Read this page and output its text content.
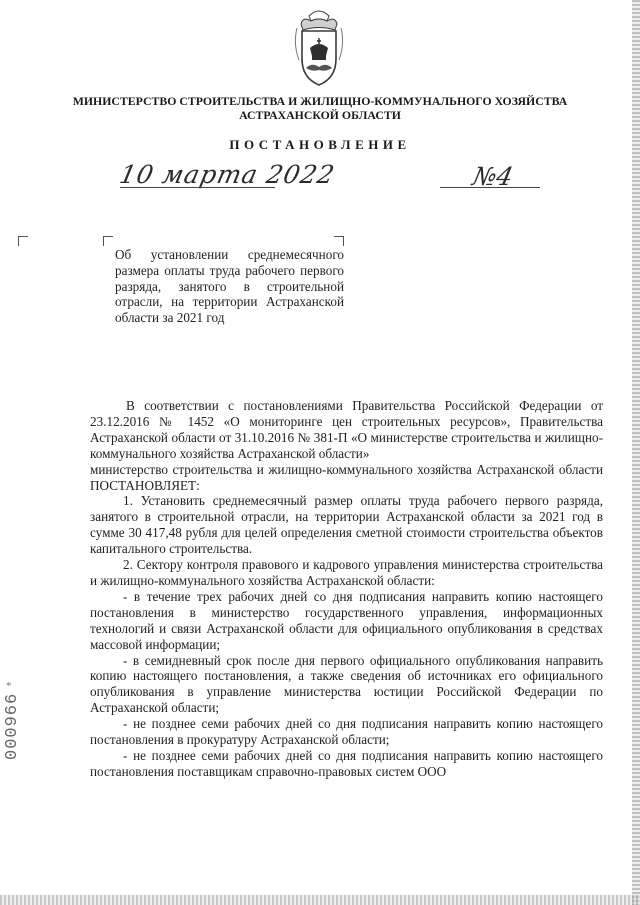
МИНИСТЕРСТВО СТРОИТЕЛЬСТВА И ЖИЛИЩНО-КОММУНАЛЬНОГО ХОЗЯЙСТВА
АСТРАХАНСКОЙ ОБЛАСТИ
ПОСТАНОВЛЕНИЕ
10 марта 2022	№4
Об установлении среднемесячного размера оплаты труда рабочего первого разряда, занятого в строительной отрасли, на территории Астраханской области за 2021 год

В соответствии с постановлениями Правительства Российской Федерации от 23.12.2016 № 1452 «О мониторинге цен строительных ресурсов», Правительства Астраханской области от 31.10.2016 № 381-П «О министерстве строительства и жилищно-коммунального хозяйства Астраханской области»

министерство строительства и жилищно-коммунального хозяйства Астраханской области ПОСТАНОВЛЯЕТ:

1. Установить среднемесячный размер оплаты труда рабочего первого разряда, занятого в строительной отрасли, на территории Астраханской области за 2021 год в сумме 30 417,48 рубля для целей определения сметной стоимости строительства объектов капитального строительства.

2. Сектору контроля правового и кадрового управления министерства строительства и жилищно-коммунального хозяйства Астраханской области:

- в течение трех рабочих дней со дня подписания направить копию настоящего постановления в министерство государственного управления, информационных технологий и связи Астраханской области для официального опубликования в средствах массовой информации;

- в семидневный срок после дня первого официального опубликования направить копию настоящего постановления, а также сведения об источниках его официального опубликования в управление министерства юстиции Российской Федерации по Астраханской области;

- не позднее семи рабочих дней со дня подписания направить копию настоящего постановления в прокуратуру Астраханской области;

- не позднее семи рабочих дней со дня подписания направить копию настоящего постановления поставщикам справочно-правовых систем ООО

*
000966
